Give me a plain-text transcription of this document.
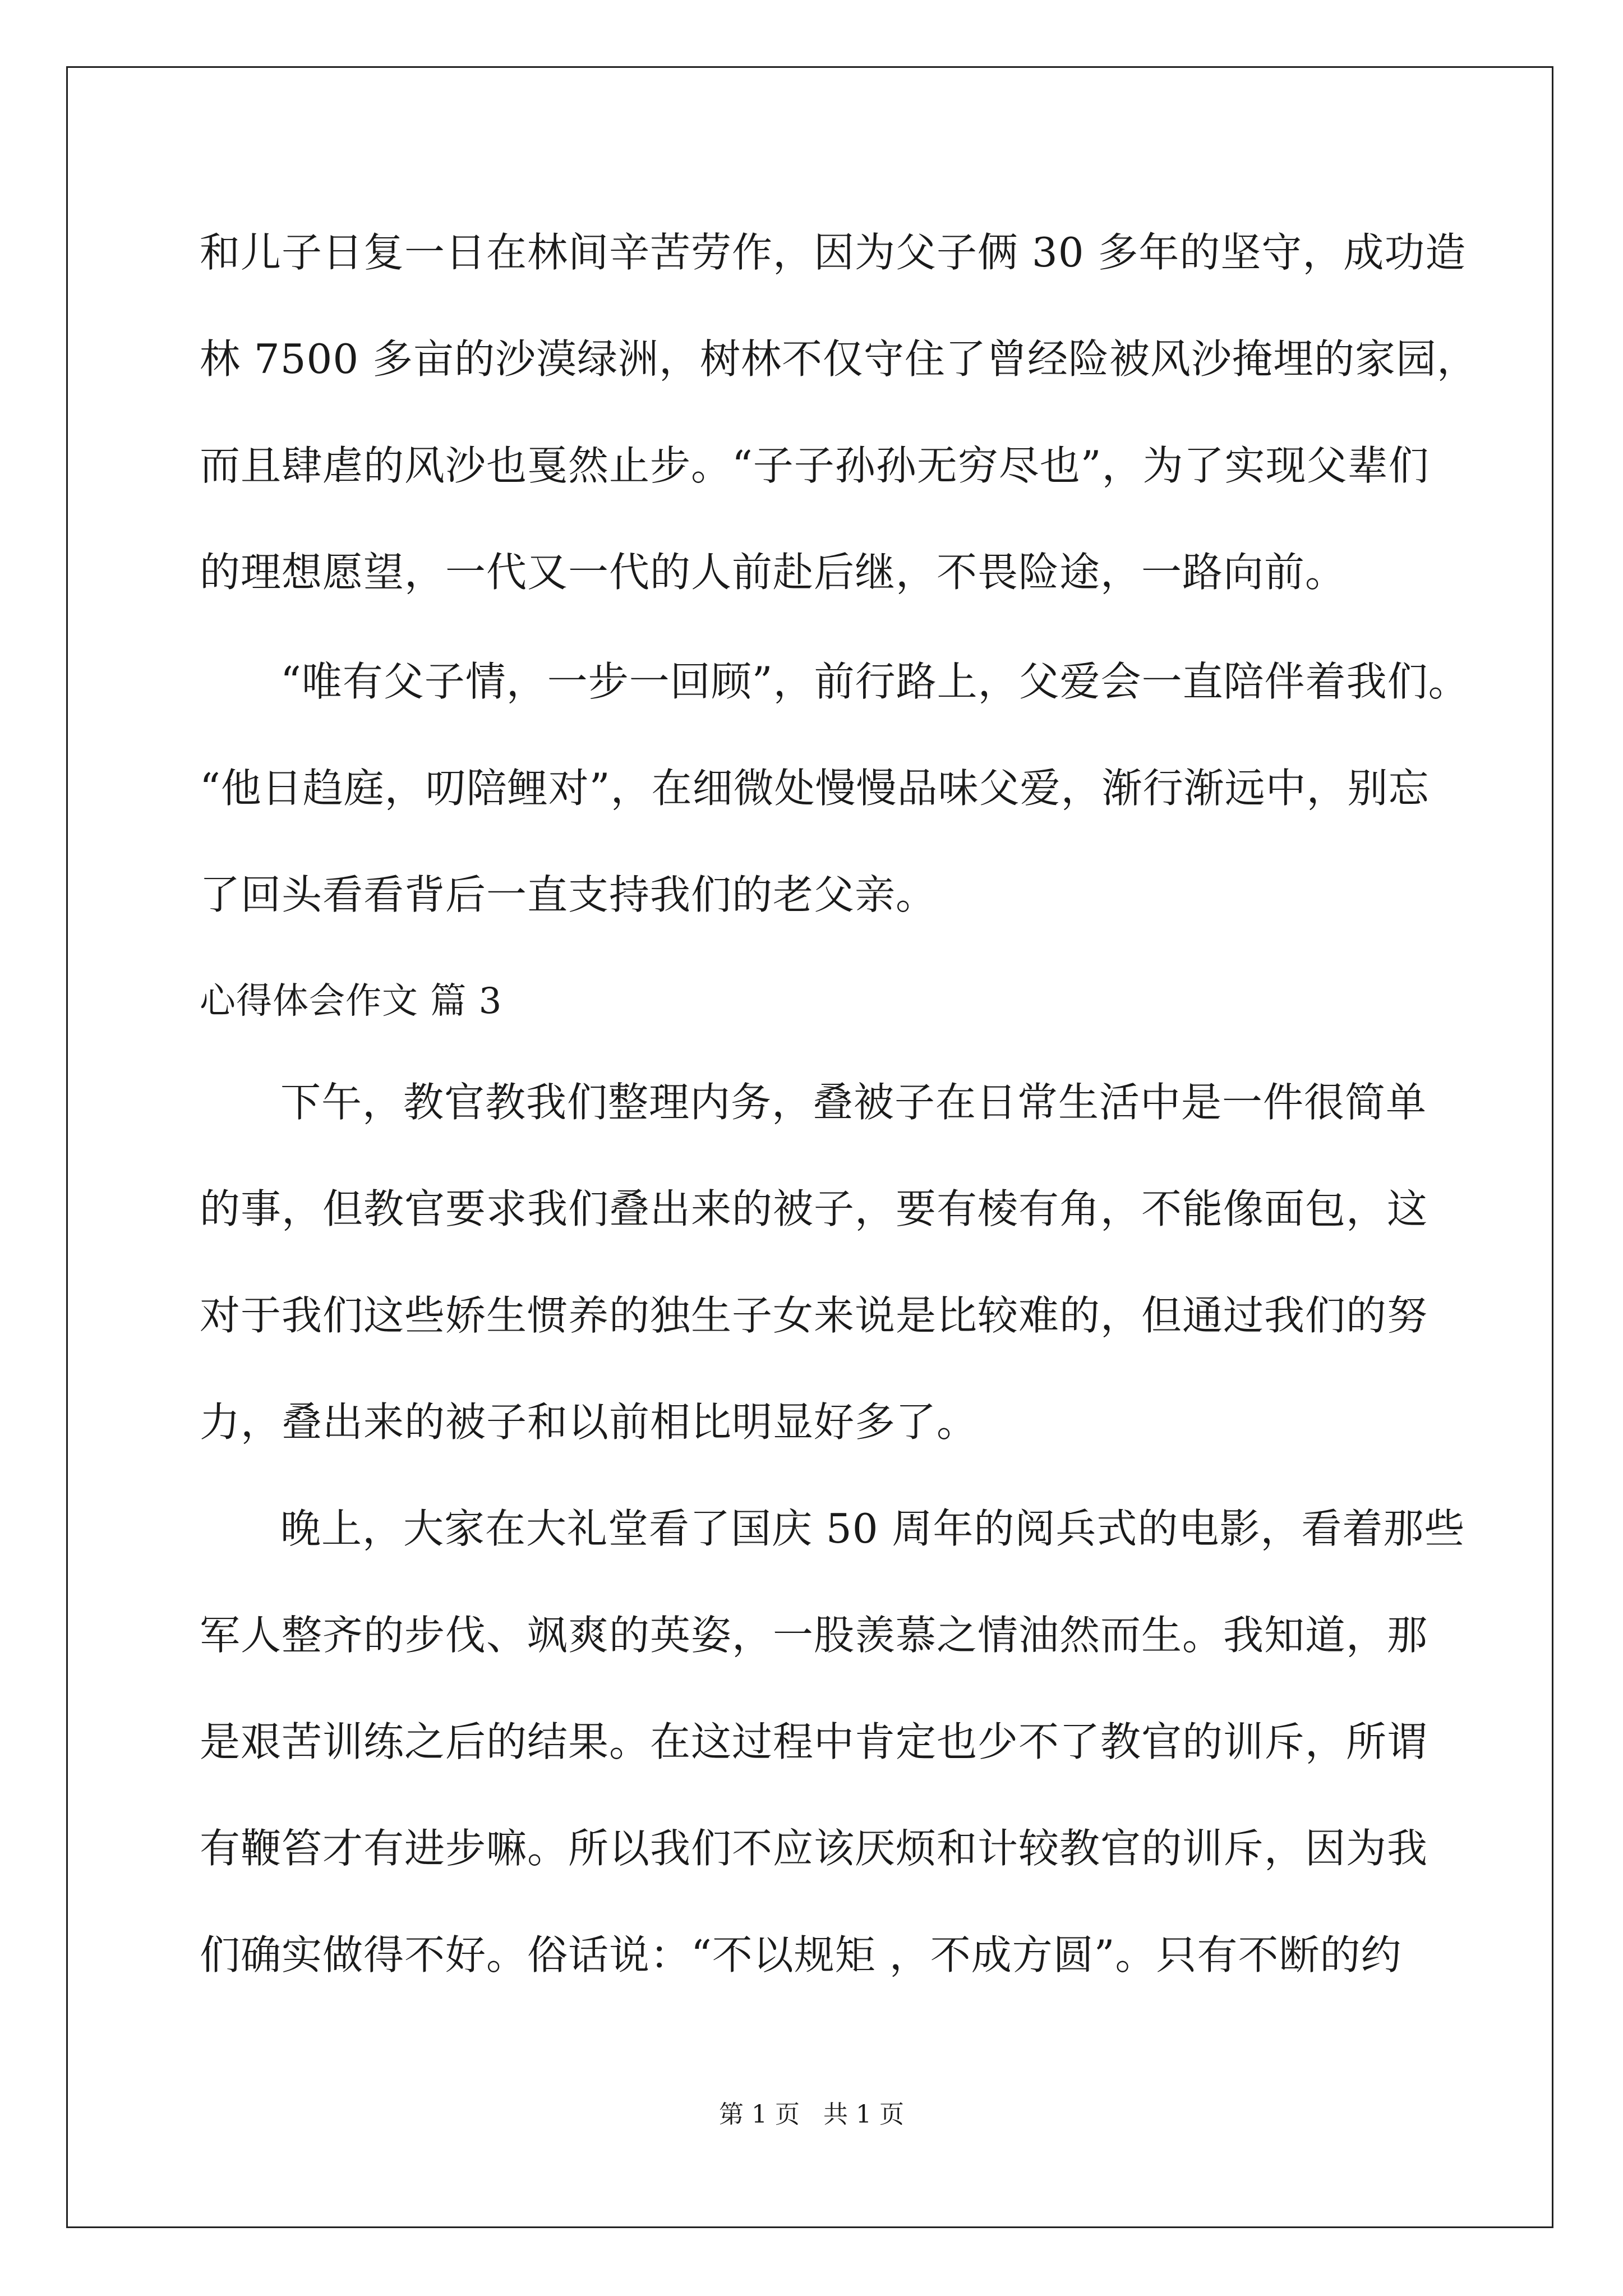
和儿子日复一日在林间辛苦劳作，因为父子俩 30 多年的坚守，成功造
林 7500 多亩的沙漠绿洲，树林不仅守住了曾经险被风沙掩埋的家园，
而且肆虐的风沙也戛然止步。“子子孙孙无穷尽也”，为了实现父辈们
的理想愿望，一代又一代的人前赴后继，不畏险途，一路向前。
“唯有父子情，一步一回顾”，前行路上，父爱会一直陪伴着我们。
“他日趋庭，叨陪鲤对”，在细微处慢慢品味父爱，渐行渐远中，别忘
了回头看看背后一直支持我们的老父亲。
心得体会作文 篇 3
下午，教官教我们整理内务，叠被子在日常生活中是一件很简单
的事，但教官要求我们叠出来的被子，要有棱有角，不能像面包，这
对于我们这些娇生惯养的独生子女来说是比较难的，但通过我们的努
力，叠出来的被子和以前相比明显好多了。
晚上，大家在大礼堂看了国庆 50 周年的阅兵式的电影，看着那些
军人整齐的步伐、飒爽的英姿，一股羡慕之情油然而生。我知道，那
是艰苦训练之后的结果。在这过程中肯定也少不了教官的训斥，所谓
有鞭笞才有进步嘛。所以我们不应该厌烦和计较教官的训斥，因为我
们确实做得不好。俗话说：“不以规矩 ，不成方圆”。只有不断的约
第 1 页   共 1 页
